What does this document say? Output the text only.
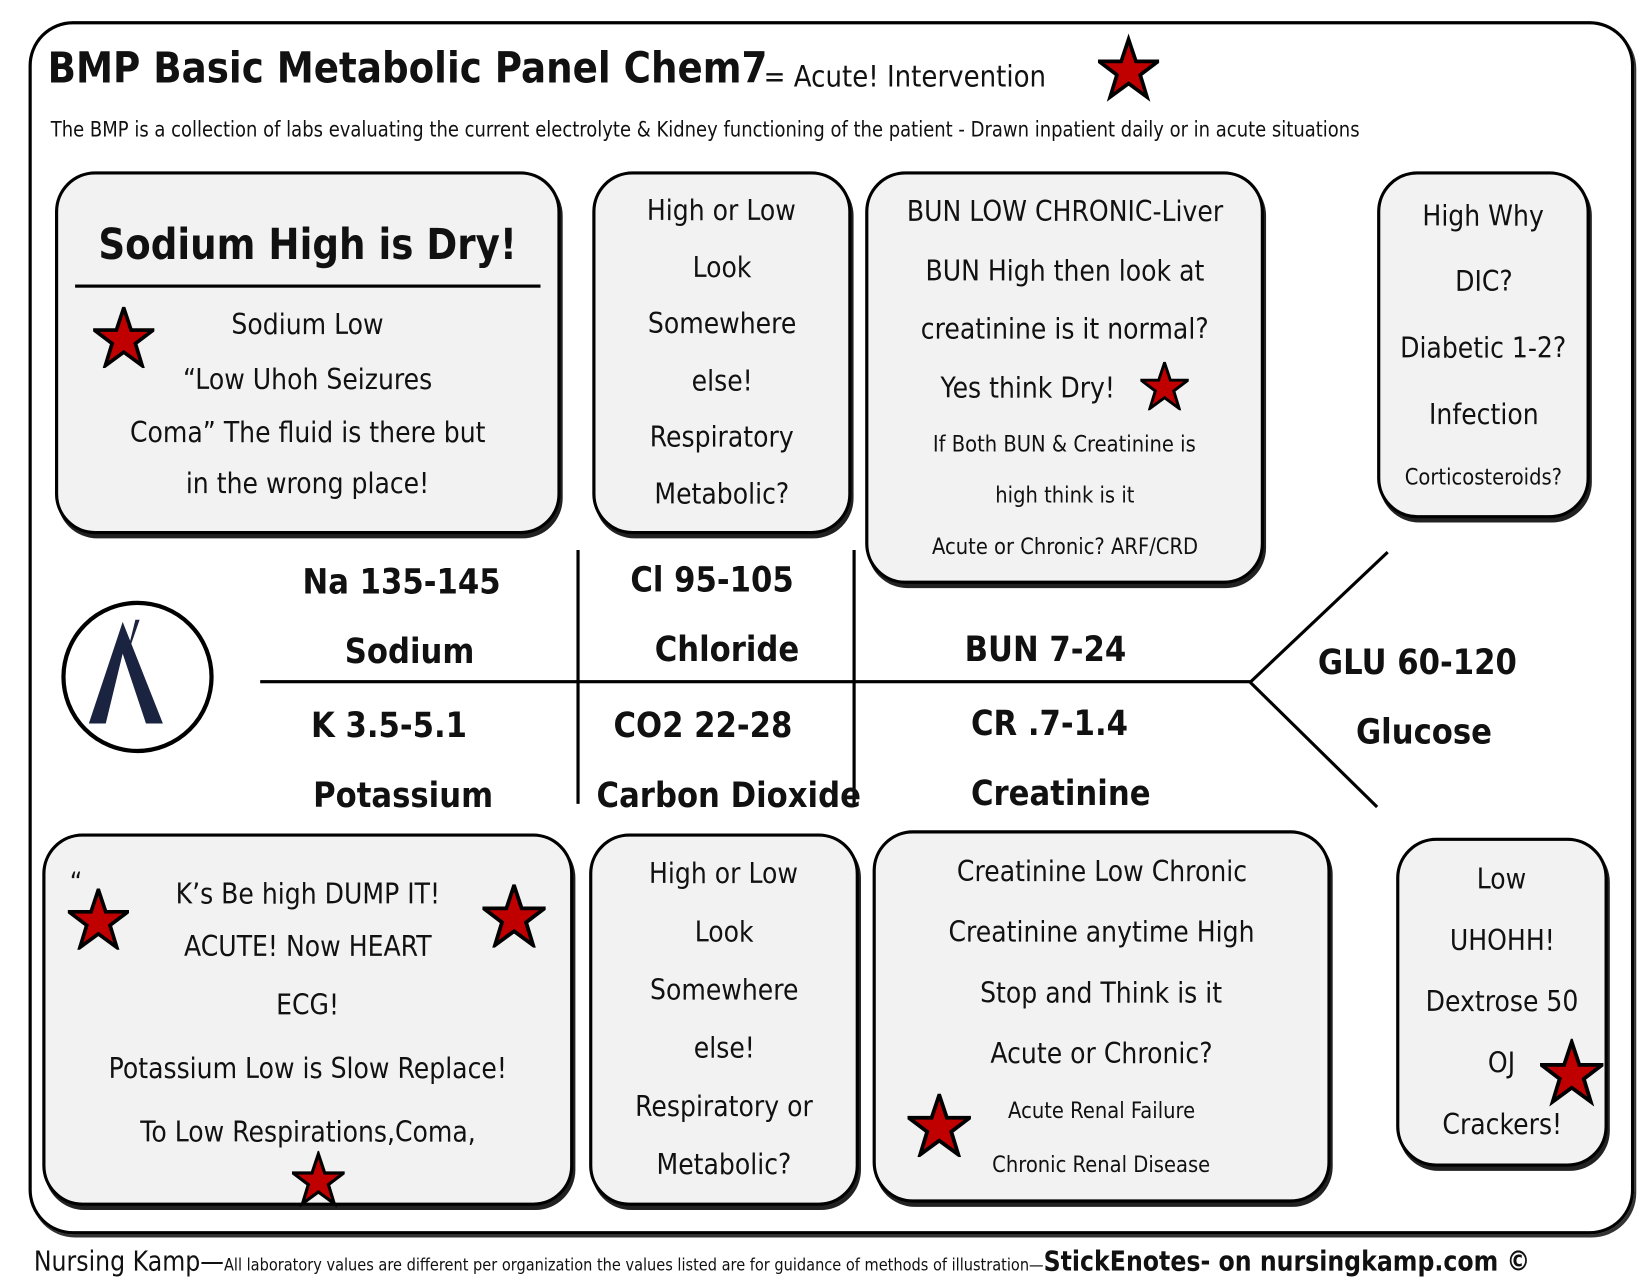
BMP Basic Metabolic Panel Chem7
= Acute! Intervention
The BMP is a collection of labs evaluating the current electrolyte & Kidney functioning of the patient - Drawn inpatient daily or in acute situations
Sodium High is Dry!
Sodium Low
“Low Uhoh Seizures
Coma” The fluid is there but
in the wrong place!
High or Low
Look
Somewhere
else!
Respiratory
Metabolic?
BUN LOW CHRONIC-Liver
BUN High then look at
creatinine is it normal?
Yes think Dry!
If Both BUN & Creatinine is
high think is it
Acute or Chronic? ARF/CRD
High Why
DIC?
Diabetic 1-2?
Infection
Corticosteroids?
Na 135-145
Sodium
Cl 95-105
Chloride	BUN 7-24	GLU 60-120
Glucose
K 3.5-5.1
Potassium
CO2 22-28
Carbon Dioxide
CR .7-1.4
Creatinine
K’s Be high DUMP IT!
ACUTE! Now HEART
ECG!
Potassium Low is Slow Replace!
To Low Respirations,Coma,
“	High or Low
Look
Somewhere
else!
Respiratory or
Metabolic?
Creatinine Low Chronic
Creatinine anytime High
Stop and Think is it
Acute or Chronic?
Acute Renal Failure
Chronic Renal Disease
Low
UHOHH!
Dextrose 50
OJ
Crackers!
Nursing Kamp— All laboratory values are different per organization the values listed are for guidance of methods of illustration— StickEnotes- on nursingkamp.com ©
